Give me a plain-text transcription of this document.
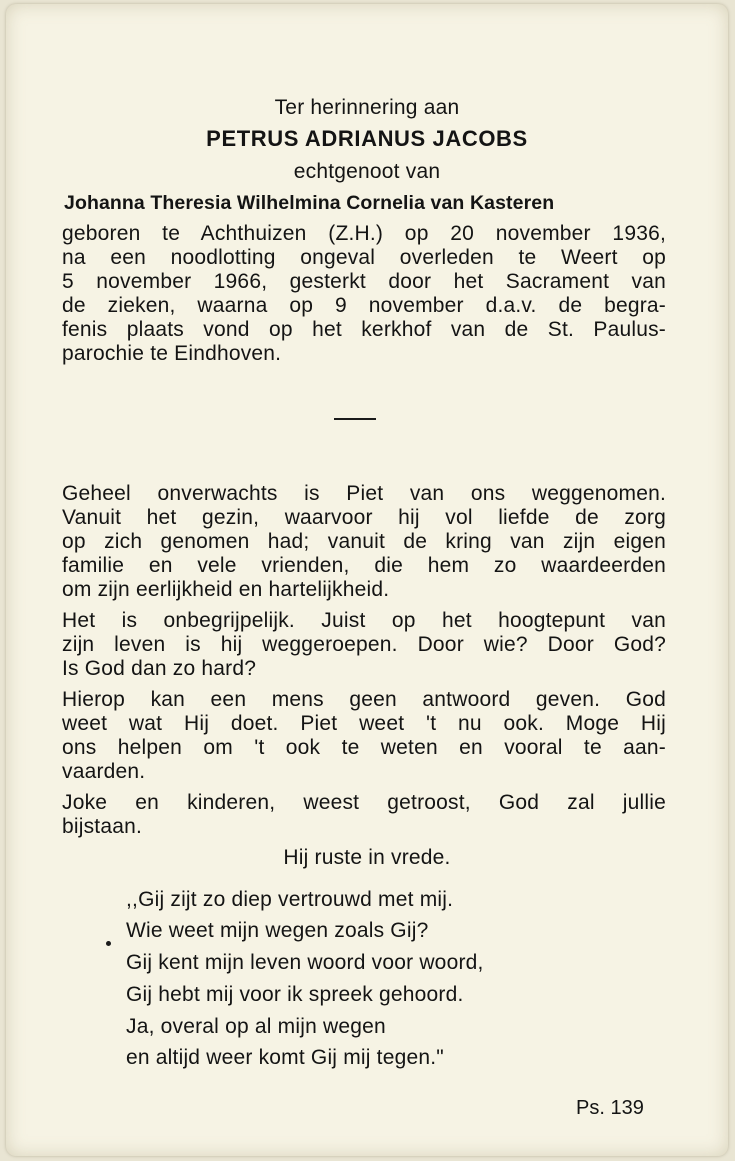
Ter herinnering aan
PETRUS ADRIANUS JACOBS
echtgenoot van
Johanna Theresia Wilhelmina Cornelia van Kasteren
geboren te Achthuizen (Z.H.) op 20 november 1936,
na een noodlotting ongeval overleden te Weert op
5 november 1966, gesterkt door het Sacrament van
de zieken, waarna op 9 november d.a.v. de begra-
fenis plaats vond op het kerkhof van de St. Paulus-
parochie te Eindhoven.
Geheel onverwachts is Piet van ons weggenomen.
Vanuit het gezin, waarvoor hij vol liefde de zorg
op zich genomen had; vanuit de kring van zijn eigen
familie en vele vrienden, die hem zo waardeerden
om zijn eerlijkheid en hartelijkheid.
Het is onbegrijpelijk. Juist op het hoogtepunt van
zijn leven is hij weggeroepen. Door wie? Door God?
Is God dan zo hard?
Hierop kan een mens geen antwoord geven. God
weet wat Hij doet. Piet weet 't nu ook. Moge Hij
ons helpen om 't ook te weten en vooral te aan-
vaarden.
Joke en kinderen, weest getroost, God zal jullie
bijstaan.
Hij ruste in vrede.
,,Gij zijt zo diep vertrouwd met mij.
Wie weet mijn wegen zoals Gij?
Gij kent mijn leven woord voor woord,
Gij hebt mij voor ik spreek gehoord.
Ja, overal op al mijn wegen
en altijd weer komt Gij mij tegen."
Ps. 139
